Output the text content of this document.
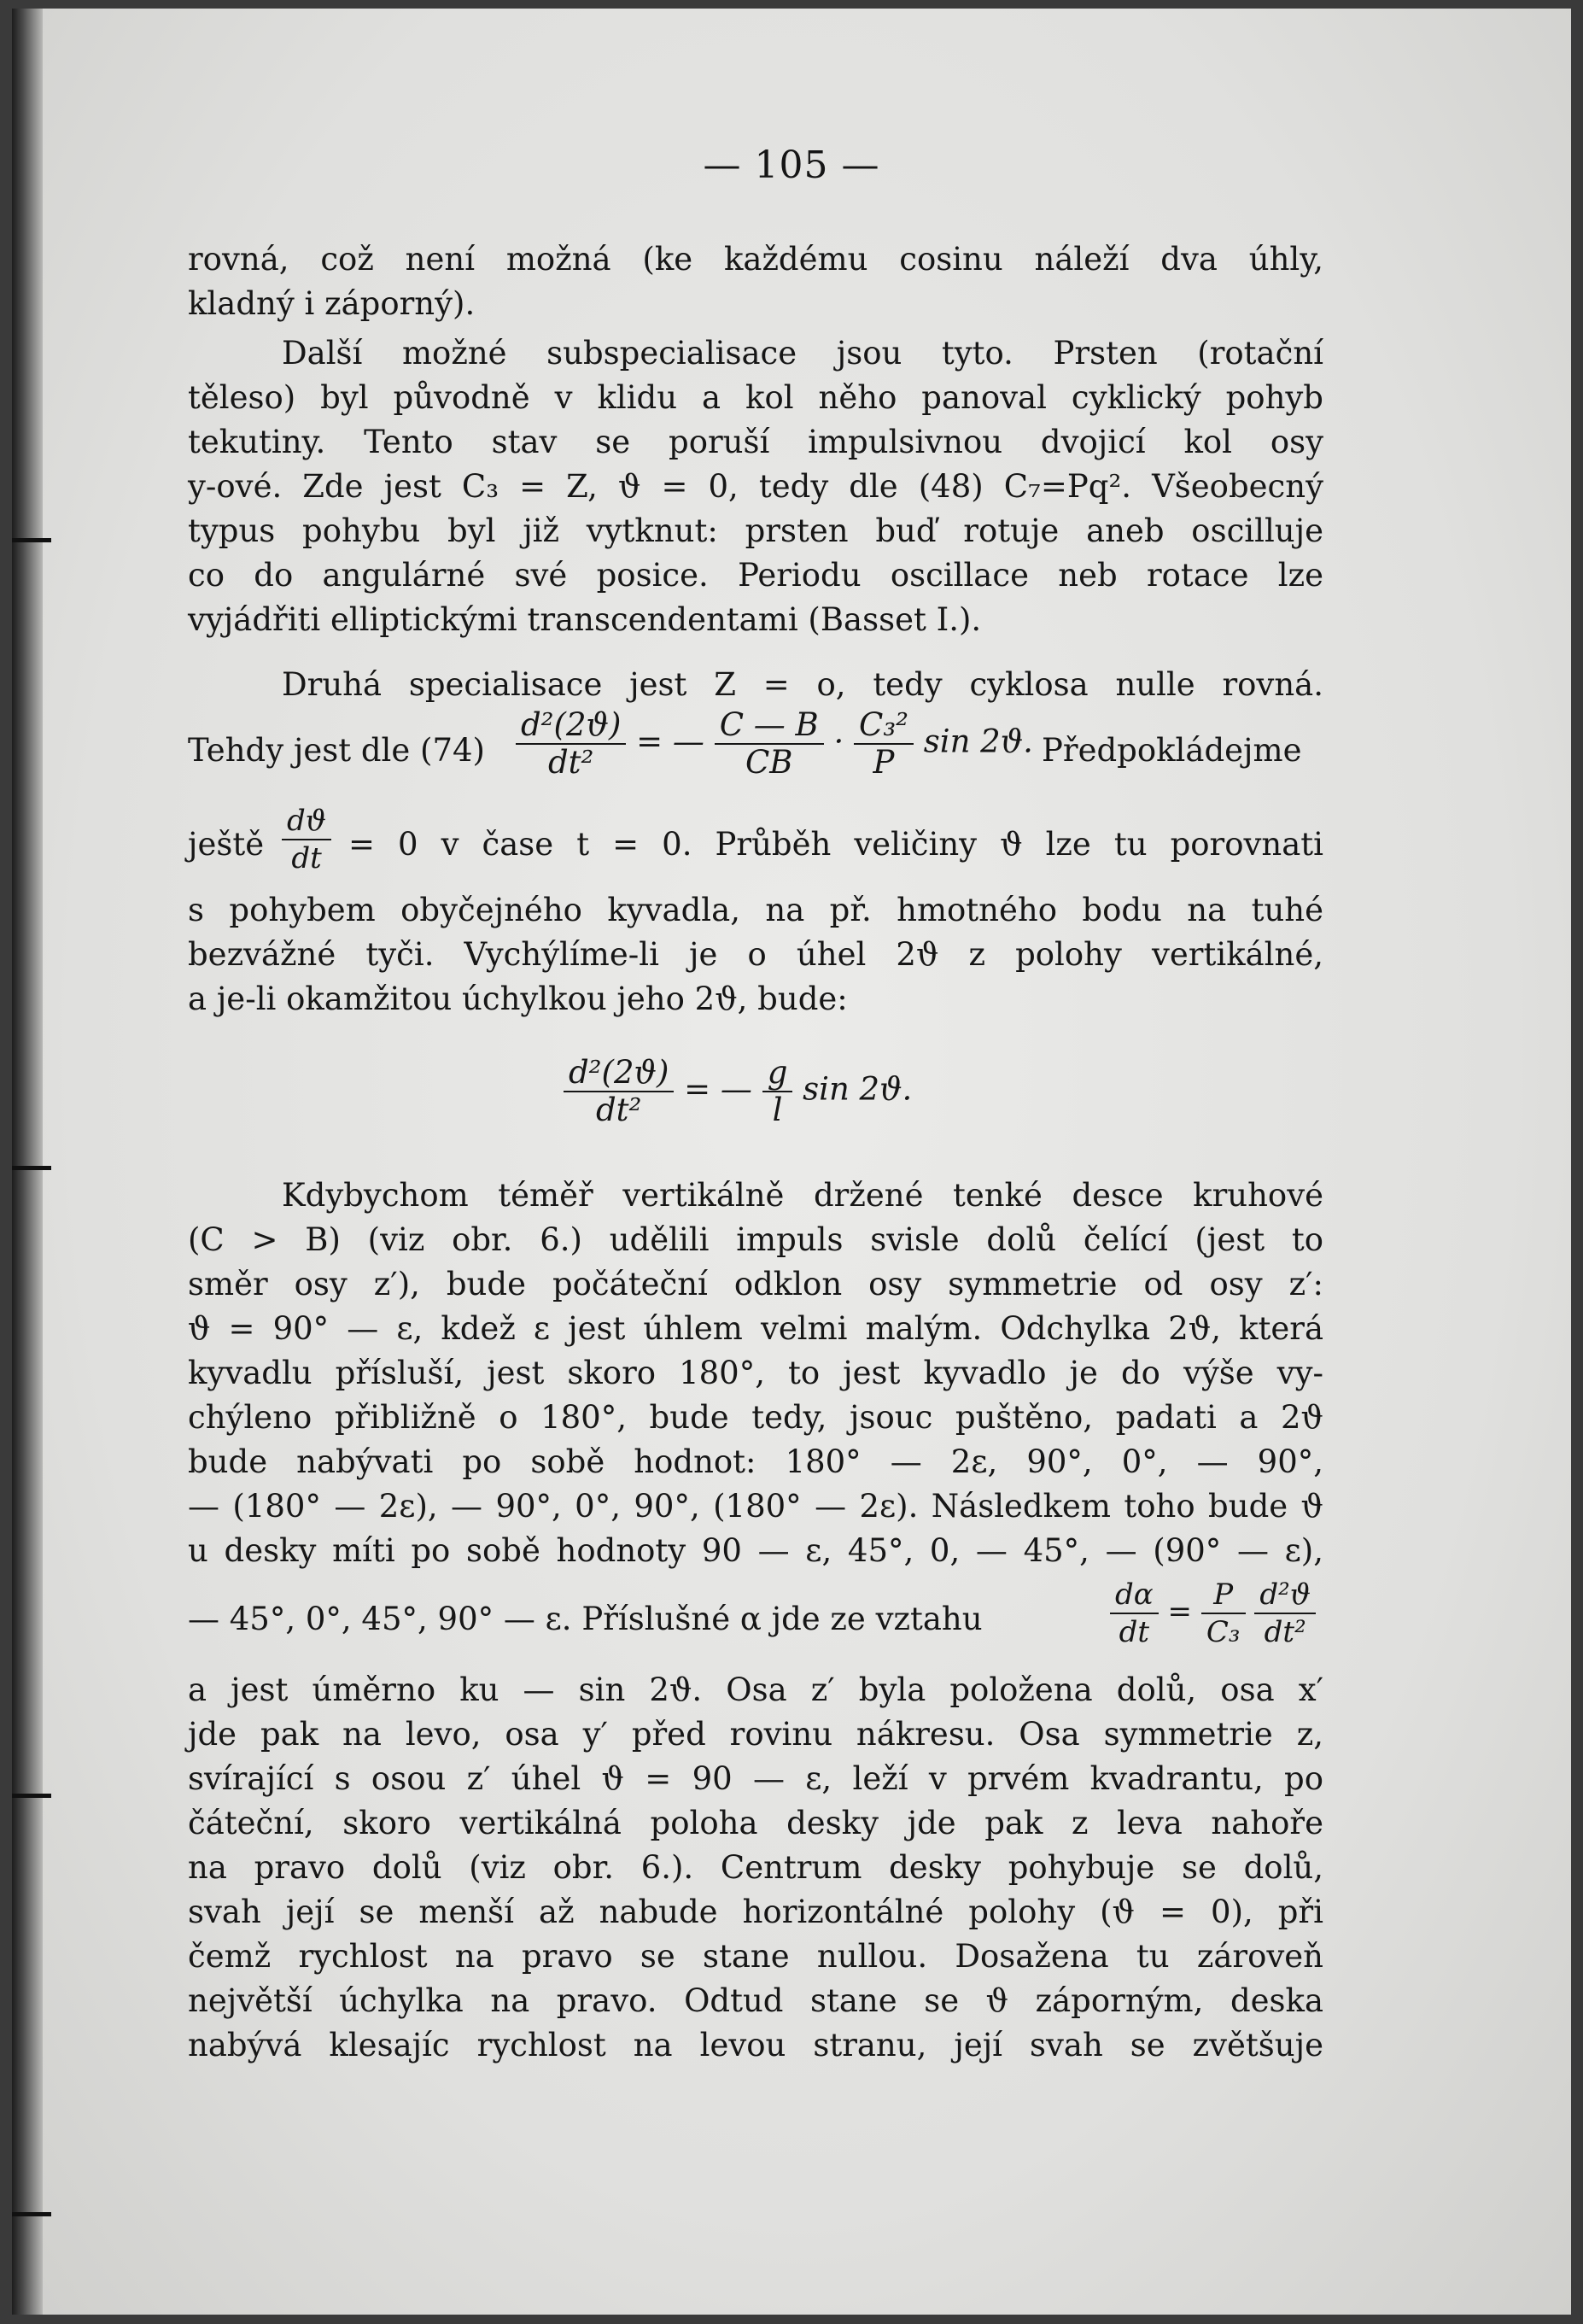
— 105 —
rovná, což není možná (ke každému cosinu náleží dva úhly,
kladný i záporný).
Další možné subspecialisace jsou tyto. Prsten (rotační
těleso) byl původně v klidu a kol něho panoval cyklický pohyb
tekutiny. Tento stav se poruší impulsivnou dvojicí kol osy
y-ové. Zde jest C₃ = Z, ϑ = 0, tedy dle (48) C₇=Pq². Všeobecný
typus pohybu byl již vytknut: prsten buď rotuje aneb oscilluje
co do angulárné své posice. Periodu oscillace neb rotace lze
vyjádřiti elliptickými transcendentami (Basset I.).
Druhá specialisace jest Z = o, tedy cyklosa nulle rovná.
Tehdy jest dle $(74) \frac{\text{d²(2ϑ)}}{\text{dt²}}$ = — $\frac{C — B}{CB} \cdot \frac{\text{C₃²}}{P}$ sin 2ϑ. Předpokládejme
ještě $\frac{dϑ}{dt} = 0$ v čase t = 0. Průběh veličiny ϑ lze tu porovnati
s pohybem obyčejného kyvadla, na př. hmotného bodu na tuhé
bezvážné tyči. Vychýlíme-li je o úhel 2ϑ z polohy vertikálné,
a je-li okamžitou úchylkou jeho 2ϑ, bude:
$\frac{\text{d²(2ϑ)}}{\text{dt²}}$ = — $\frac{g}{l}$ sin 2ϑ.
Kdybychom téměř vertikálně držené tenké desce kruhové
(C > B) (viz obr. 6.) udělili impuls svisle dolů čelící (jest to
směr osy z′), bude počáteční odklon osy symmetrie od osy z′:
ϑ = 90° — ε, kdež ε jest úhlem velmi malým. Odchylka 2ϑ, která
kyvadlu přísluší, jest skoro 180°, to jest kyvadlo je do výše vy-
chýleno přibližně o 180°, bude tedy, jsouc puštěno, padati a 2ϑ
bude nabývati po sobě hodnot: 180° — 2ε, 90°, 0°, — 90°,
— (180° — 2ε), — 90°, 0°, 90°, (180° — 2ε). Následkem toho bude ϑ
u desky míti po sobě hodnoty 90 — ε, 45°, 0, — 45°, — (90° — ε),
— 45°, 0°, 45°, 90° — ε. Příslušné α jde ze vztahu	$\frac{d\alpha}{dt} = \frac{P}{\text{C₃}}$
$\frac{\text{d²ϑ}}{\text{dt²}}$
a jest úměrno ku — sin 2ϑ. Osa z′ byla položena dolů, osa x′
jde pak na levo, osa y′ před rovinu nákresu. Osa symmetrie z,
svírající s osou z′ úhel ϑ = 90 — ε, leží v prvém kvadrantu, po
čáteční, skoro vertikálná poloha desky jde pak z leva nahoře
na pravo dolů (viz obr. 6.). Centrum desky pohybuje se dolů,
svah její se menší až nabude horizontálné polohy (ϑ = 0), při
čemž rychlost na pravo se stane nullou. Dosažena tu zároveň
největší úchylka na pravo. Odtud stane se ϑ záporným, deska
nabývá klesajíc rychlost na levou stranu, její svah se zvětšuje
